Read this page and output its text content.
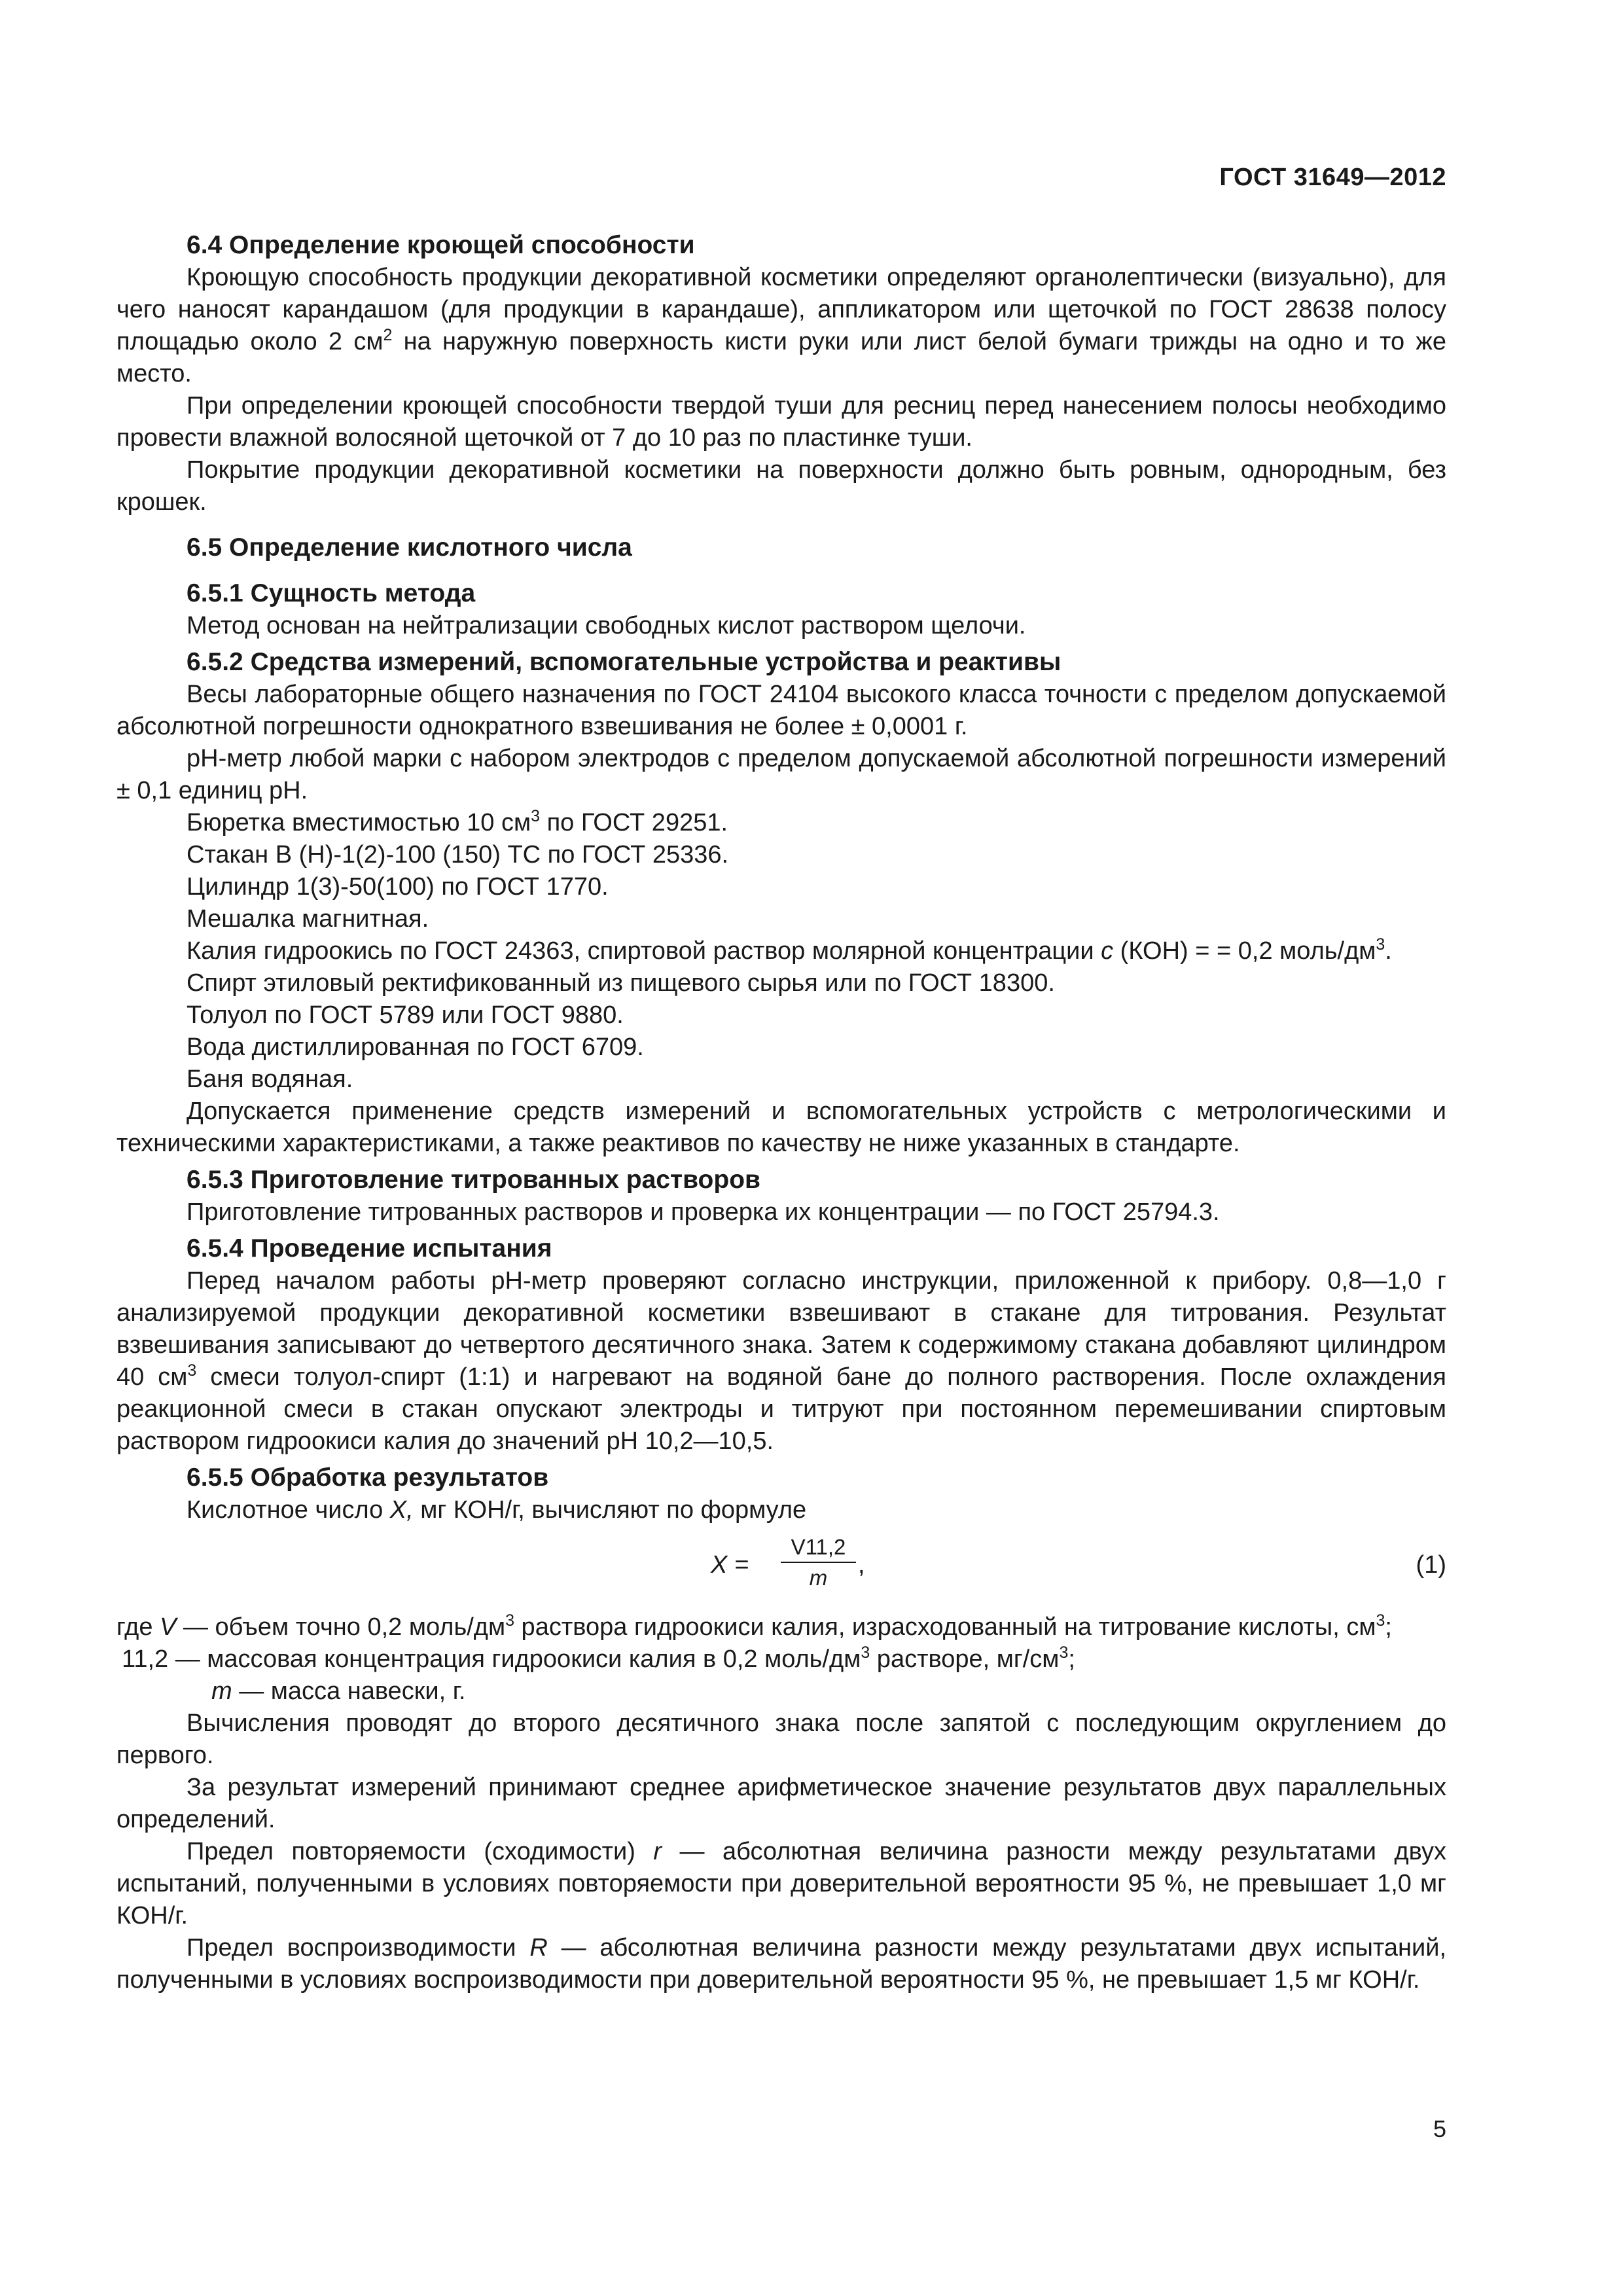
ГОСТ 31649—2012
6.4 Определение кроющей способности

Кроющую способность продукции декоративной косметики определяют органолептически (визуально), для чего наносят карандашом (для продукции в карандаше), аппликатором или щеточкой по ГОСТ 28638 полосу площадью около 2 $см^2$ на наружную поверхность кисти руки или лист белой бумаги трижды на одно и то же место.

При определении кроющей способности твердой туши для ресниц перед нанесением полосы необходимо провести влажной волосяной щеточкой от 7 до 10 раз по пластинке туши.

Покрытие продукции декоративной косметики на поверхности должно быть ровным, однородным, без крошек.

6.5 Определение кислотного числа
6.5.1 Сущность метода

Метод основан на нейтрализации свободных кислот раствором щелочи.

6.5.2 Средства измерений, вспомогательные устройства и реактивы

Весы лабораторные общего назначения по ГОСТ 24104 высокого класса точности с пределом допускаемой абсолютной погрешности однократного взвешивания не более ± 0,0001 г.

pH-метр любой марки с набором электродов с пределом допускаемой абсолютной погрешности измерений ± 0,1 единиц pH.

Бюретка вместимостью 10 $см^3$ по ГОСТ 29251.

Стакан В (Н)-1(2)-100 (150) ТС по ГОСТ 25336.

Цилиндр 1(3)-50(100) по ГОСТ 1770.

Мешалка магнитная.

Калия гидроокись по ГОСТ 24363, спиртовой раствор молярной концентрации с (КОН) = = 0,2 моль/$дм^3$.

Спирт этиловый ректификованный из пищевого сырья или по ГОСТ 18300.

Толуол по ГОСТ 5789 или ГОСТ 9880.

Вода дистиллированная по ГОСТ 6709.

Баня водяная.

Допускается применение средств измерений и вспомогательных устройств с метрологическими и техническими характеристиками, а также реактивов по качеству не ниже указанных в стандарте.

6.5.3 Приготовление титрованных растворов

Приготовление титрованных растворов и проверка их концентрации — по ГОСТ 25794.3.

6.5.4 Проведение испытания

Перед началом работы pH-метр проверяют согласно инструкции, приложенной к прибору. 0,8—1,0 г анализируемой продукции декоративной косметики взвешивают в стакане для титрования. Результат взвешивания записывают до четвертого десятичного знака. Затем к содержимому стакана добавляют цилиндром 40 $см^3$ смеси толуол-спирт (1:1) и нагревают на водяной бане до полного растворения. После охлаждения реакционной смеси в стакан опускают электроды и титруют при постоянном перемешивании спиртовым раствором гидроокиси калия до значений pH 10,2—10,5.

6.5.5 Обработка результатов

Кислотное число X, мг КОН/г, вычисляют по формуле

$X = \frac{V11,2}{m}$ ,	(1)
где V — объем точно 0,2 моль/$дм^3$ раствора гидроокиси калия, израсходованный на титрование кислоты, $см^3$;
11,2 — массовая концентрация гидроокиси калия в 0,2 моль/$дм^3$ растворе, $мг/см^3$;
m — масса навески, г.

Вычисления проводят до второго десятичного знака после запятой с последующим округлением до первого.

За результат измерений принимают среднее арифметическое значение результатов двух параллельных определений.

Предел повторяемости (сходимости) r — абсолютная величина разности между результатами двух испытаний, полученными в условиях повторяемости при доверительной вероятности 95 %, не превышает 1,0 мг КОН/г.

Предел воспроизводимости R — абсолютная величина разности между результатами двух испытаний, полученными в условиях воспроизводимости при доверительной вероятности 95 %, не превышает 1,5 мг КОН/г.

5
